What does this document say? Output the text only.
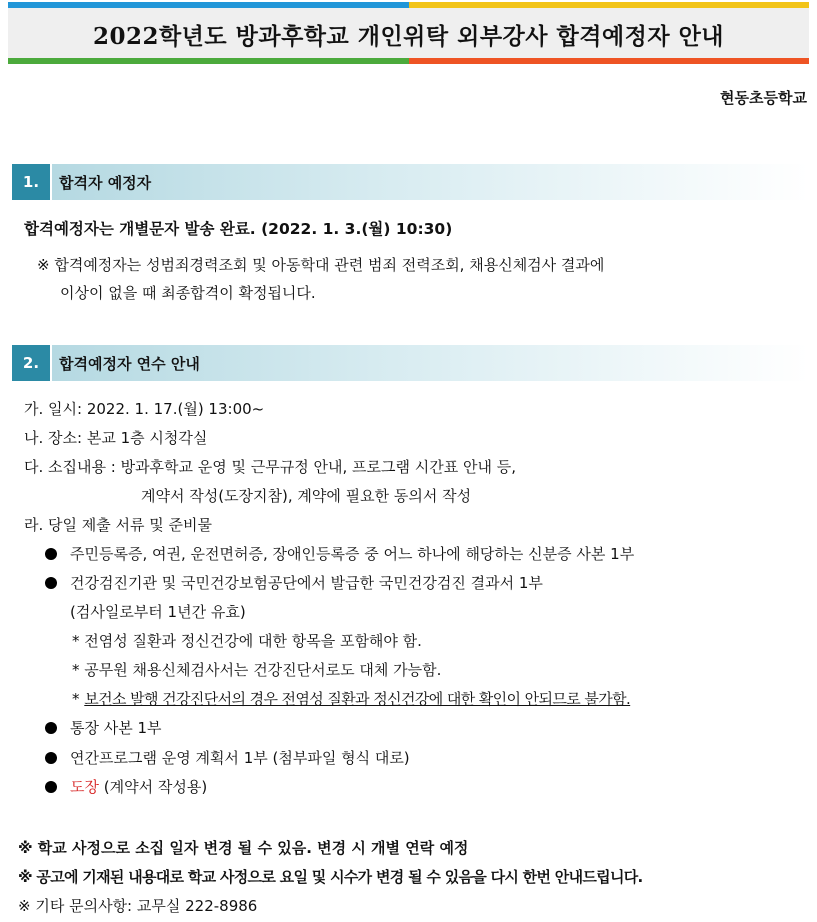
2022학년도 방과후학교 개인위탁 외부강사 합격예정자 안내
현동초등학교
1.	합격자 예정자
합격예정자는 개별문자 발송 완료. (2022. 1. 3.(월) 10:30)
※ 합격예정자는 성범죄경력조회 및 아동학대 관련 범죄 전력조회, 채용신체검사 결과에
이상이 없을 때 최종합격이 확정됩니다.
2.	합격예정자 연수 안내
가. 일시: 2022. 1. 17.(월) 13:00~
나. 장소: 본교 1층 시청각실
다. 소집내용 : 방과후학교 운영 및 근무규정 안내, 프로그램 시간표 안내 등,
계약서 작성(도장지참), 계약에 필요한 동의서 작성
라. 당일 제출 서류 및 준비물
주민등록증, 여권, 운전면허증, 장애인등록증 중 어느 하나에 해당하는 신분증 사본 1부
건강검진기관 및 국민건강보험공단에서 발급한 국민건강검진 결과서 1부
(검사일로부터 1년간 유효)
* 전염성 질환과 정신건강에 대한 항목을 포함해야 함.
* 공무원 채용신체검사서는 건강진단서로도 대체 가능함.
* 보건소 발행 건강진단서의 경우 전염성 질환과 정신건강에 대한 확인이 안되므로 불가함.
통장 사본 1부
연간프로그램 운영 계획서 1부 (첨부파일 형식 대로)
도장 (계약서 작성용)
※ 학교 사정으로 소집 일자 변경 될 수 있음. 변경 시 개별 연락 예정
※ 공고에 기재된 내용대로 학교 사정으로 요일 및 시수가 변경 될 수 있음을 다시 한번 안내드립니다.
※ 기타 문의사항: 교무실 222-8986
